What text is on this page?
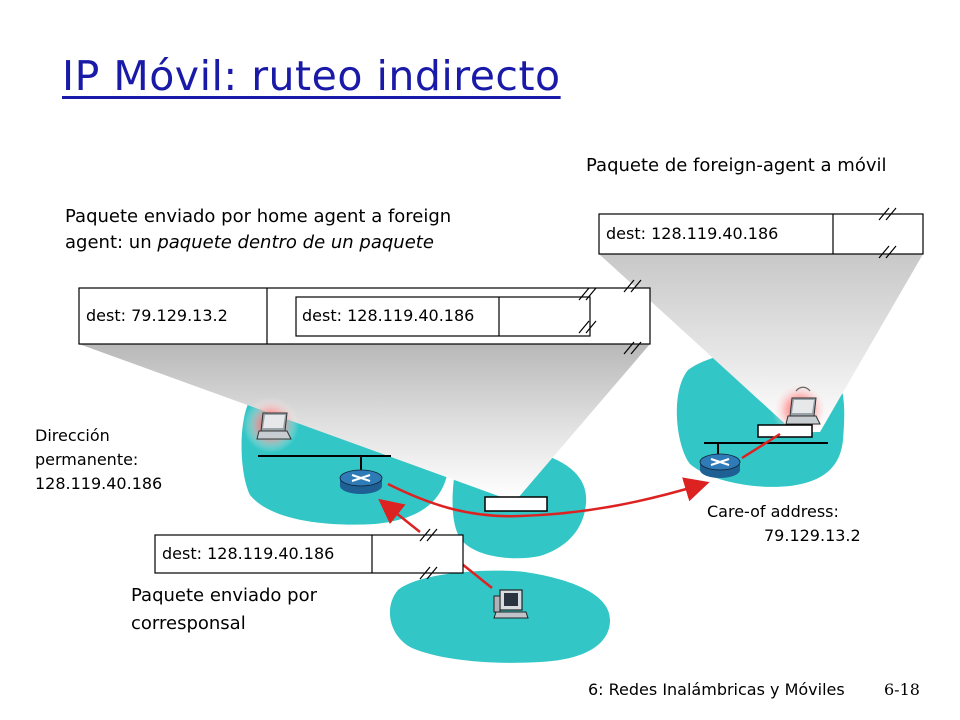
IP Móvil: ruteo indirecto
dest: 79.129.13.2	dest: 128.119.40.186
dest: 128.119.40.186
dest: 128.119.40.186
Paquete de foreign-agent a móvil
Paquete enviado por home agent a foreign
agent: un paquete dentro de un paquete
Dirección
permanente:
128.119.40.186
Care-of address:
79.129.13.2
Paquete enviado por
corresponsal
6: Redes Inalámbricas y Móviles 6-18
